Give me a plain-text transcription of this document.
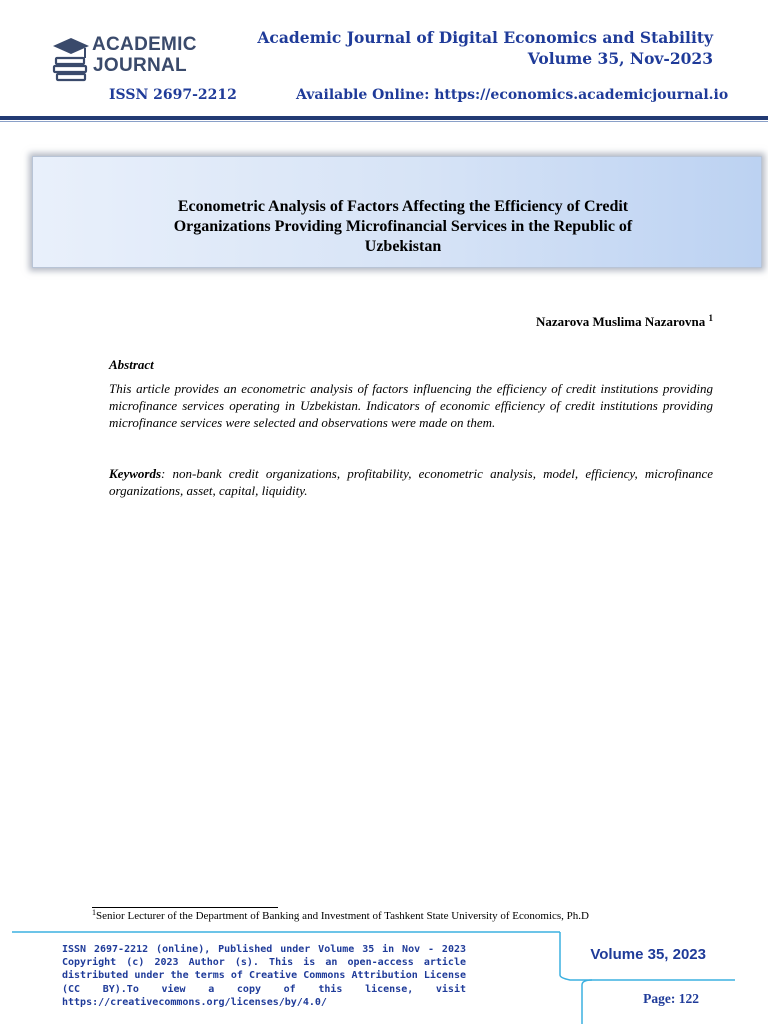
ACADEMIC
JOURNAL
Academic Journal of Digital Economics and Stability
Volume 35, Nov-2023
ISSN 2697-2212	Available Online: https://economics.academicjournal.io
Econometric Analysis of Factors Affecting the Efficiency of Credit Organizations Providing Microfinancial Services in the Republic of Uzbekistan
Nazarova Muslima Nazarovna $^1$
Abstract
This article provides an econometric analysis of factors influencing the efficiency of credit institutions providing microfinance services operating in Uzbekistan. Indicators of economic efficiency of credit institutions providing microfinance services were selected and observations were made on them.
Keywords: non-bank credit organizations, profitability, econometric analysis, model, efficiency, microfinance organizations, asset, capital, liquidity.
$^1$Senior Lecturer of the Department of Banking and Investment of Tashkent State University of Economics, Ph.D
ISSN 2697-2212 (online), Published under Volume 35 in Nov - 2023 Copyright (c) 2023 Author (s). This is an open-access article distributed under the terms of Creative Commons Attribution License (CC BY).To view a copy of this license, visit https://creativecommons.org/licenses/by/4.0/
Volume 35, 2023
Page: 122
